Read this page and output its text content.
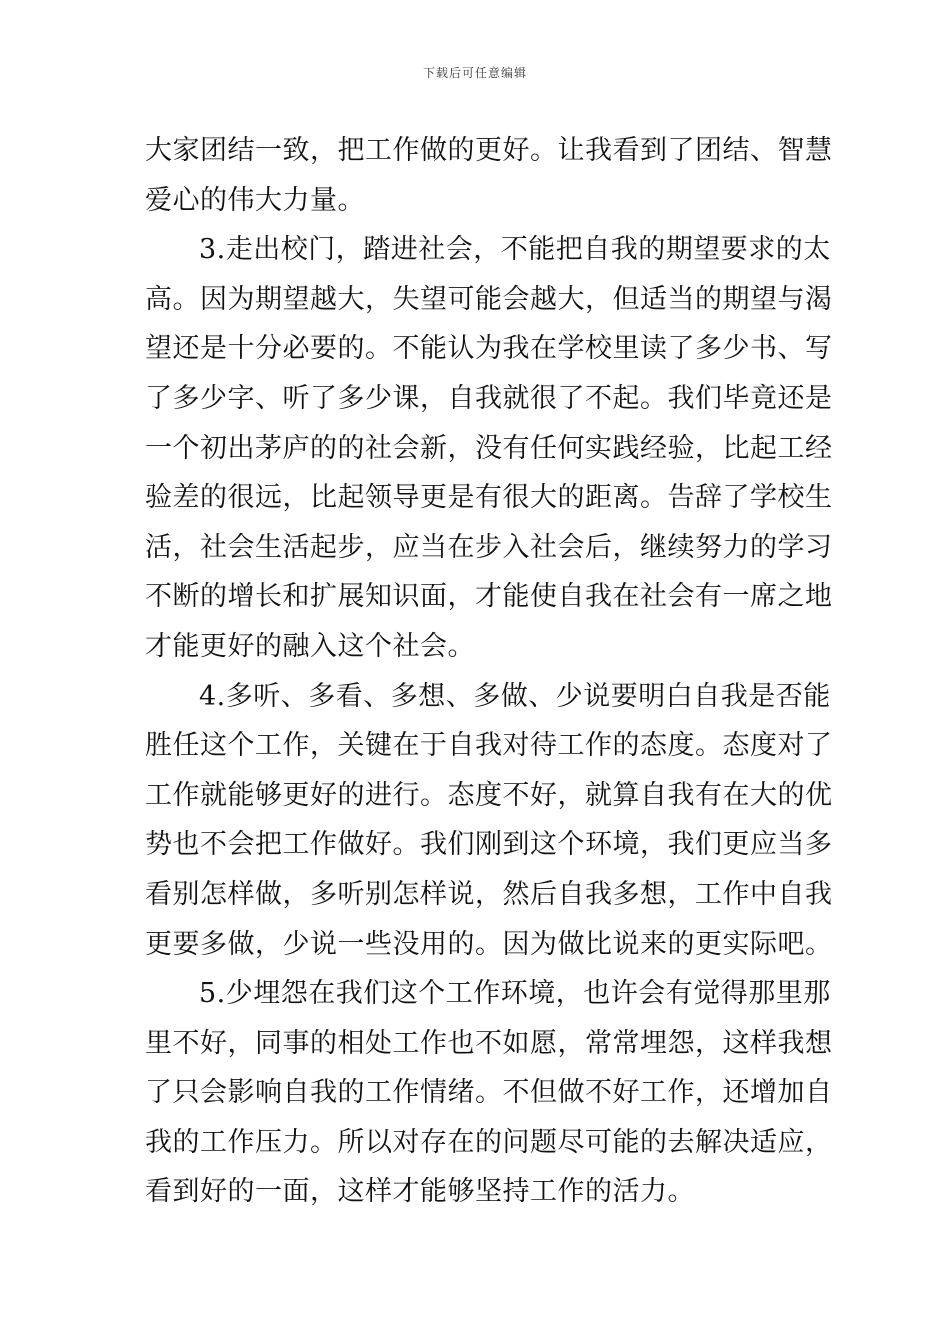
下载后可任意编辑
大家团结一致，把工作做的更好。让我看到了团结、智慧
爱心的伟大力量。
3.走出校门，踏进社会，不能把自我的期望要求的太
高。因为期望越大，失望可能会越大，但适当的期望与渴
望还是十分必要的。不能认为我在学校里读了多少书、写
了多少字、听了多少课，自我就很了不起。我们毕竟还是
一个初出茅庐的的社会新，没有任何实践经验，比起工经
验差的很远，比起领导更是有很大的距离。告辞了学校生
活，社会生活起步，应当在步入社会后，继续努力的学习
不断的增长和扩展知识面，才能使自我在社会有一席之地
才能更好的融入这个社会。
4.多听、多看、多想、多做、少说要明白自我是否能
胜任这个工作，关键在于自我对待工作的态度。态度对了
工作就能够更好的进行。态度不好，就算自我有在大的优
势也不会把工作做好。我们刚到这个环境，我们更应当多
看别怎样做，多听别怎样说，然后自我多想，工作中自我
更要多做，少说一些没用的。因为做比说来的更实际吧。
5.少埋怨在我们这个工作环境，也许会有觉得那里那
里不好，同事的相处工作也不如愿，常常埋怨，这样我想
了只会影响自我的工作情绪。不但做不好工作，还增加自
我的工作压力。所以对存在的问题尽可能的去解决适应，
看到好的一面，这样才能够坚持工作的活力。
